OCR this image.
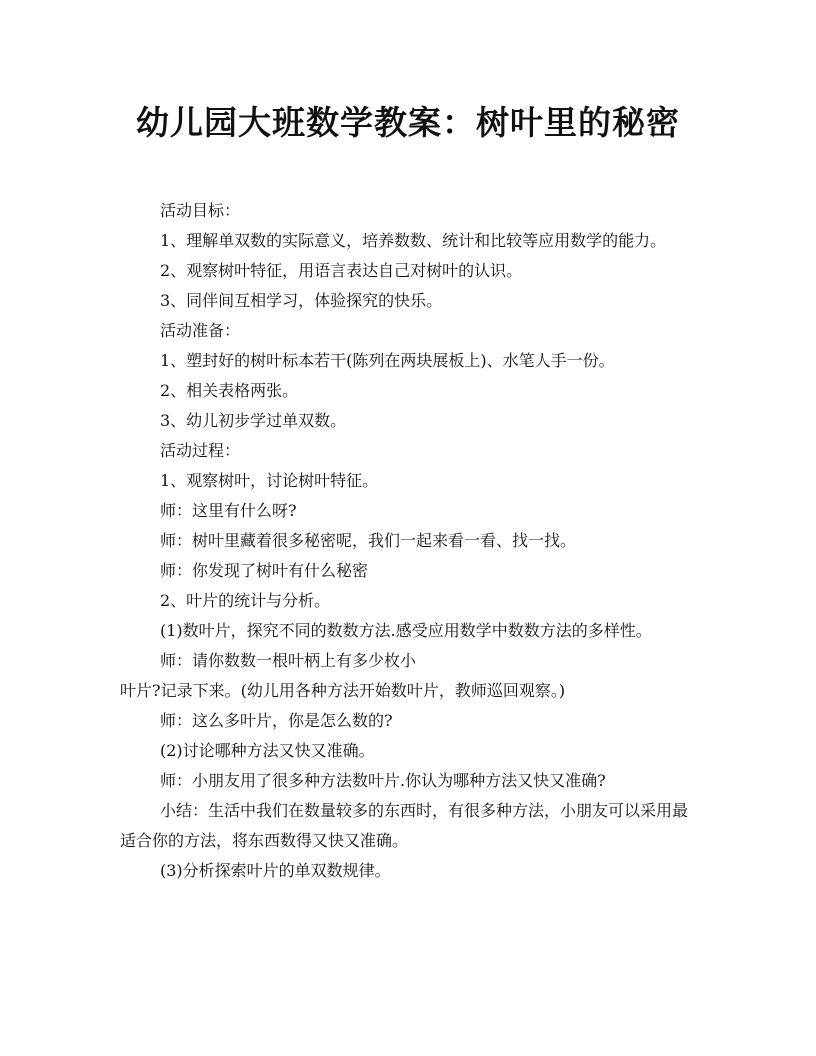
幼儿园大班数学教案：树叶里的秘密

活动目标：

1、理解单双数的实际意义，培养数数、统计和比较等应用数学的能力。

2、观察树叶特征，用语言表达自己对树叶的认识。

3、同伴间互相学习，体验探究的快乐。

活动准备：

1、塑封好的树叶标本若干(陈列在两块展板上)、水笔人手一份。

2、相关表格两张。

3、幼儿初步学过单双数。

活动过程：

1、观察树叶，讨论树叶特征。

师：这里有什么呀?

师：树叶里藏着很多秘密呢，我们一起来看一看、找一找。

师：你发现了树叶有什么秘密

2、叶片的统计与分析。

(1)数叶片，探究不同的数数方法.感受应用数学中数数方法的多样性。

师：请你数数一根叶柄上有多少枚小

叶片?记录下来。(幼儿用各种方法开始数叶片，教师巡回观察。)

师：这么多叶片，你是怎么数的?

(2)讨论哪种方法又快又准确。

师：小朋友用了很多种方法数叶片.你认为哪种方法又快又准确?

小结：生活中我们在数量较多的东西时，有很多种方法，小朋友可以采用最适合你的方法，将东西数得又快又准确。

(3)分析探索叶片的单双数规律。
